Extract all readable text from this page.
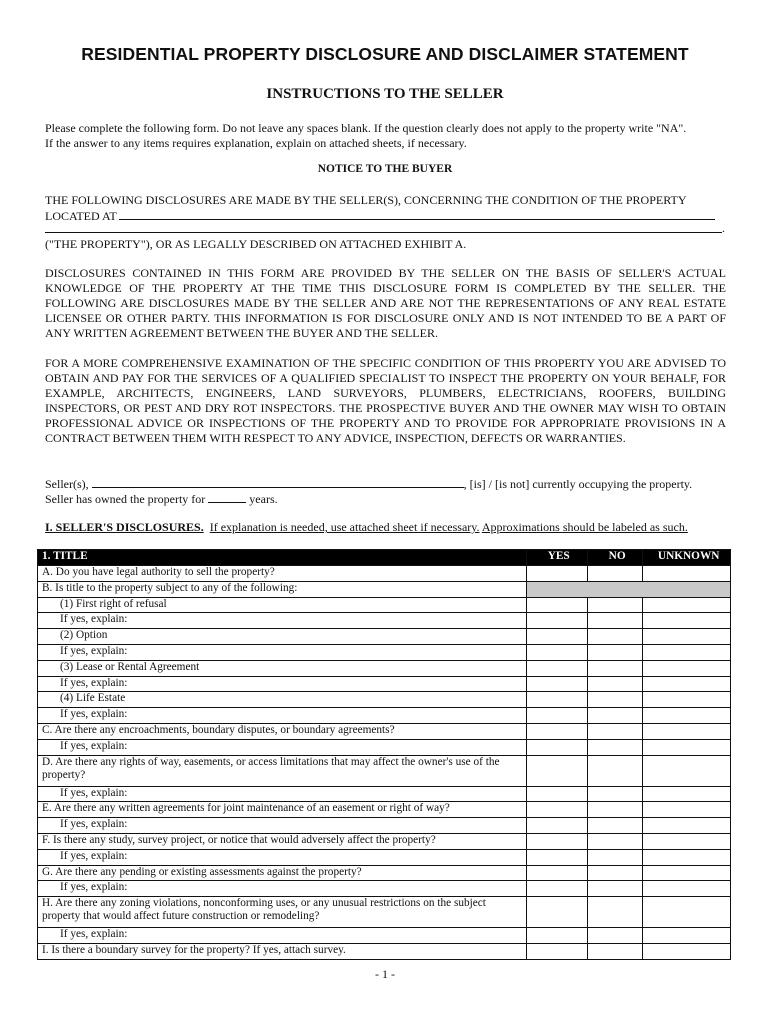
RESIDENTIAL PROPERTY DISCLOSURE AND DISCLAIMER STATEMENT
INSTRUCTIONS TO THE SELLER
Please complete the following form. Do not leave any spaces blank. If the question clearly does not apply to the property write "NA".
If the answer to any items requires explanation, explain on attached sheets, if necessary.
NOTICE TO THE BUYER
THE FOLLOWING DISCLOSURES ARE MADE BY THE SELLER(S), CONCERNING THE CONDITION OF THE PROPERTY
LOCATED AT
.
("THE PROPERTY"), OR AS LEGALLY DESCRIBED ON ATTACHED EXHIBIT A.
DISCLOSURES CONTAINED IN THIS FORM ARE PROVIDED BY THE SELLER ON THE BASIS OF SELLER'S ACTUAL KNOWLEDGE OF THE PROPERTY AT THE TIME THIS DISCLOSURE FORM IS COMPLETED BY THE SELLER. THE FOLLOWING ARE DISCLOSURES MADE BY THE SELLER AND ARE NOT THE REPRESENTATIONS OF ANY REAL ESTATE LICENSEE OR OTHER PARTY. THIS INFORMATION IS FOR DISCLOSURE ONLY AND IS NOT INTENDED TO BE A PART OF ANY WRITTEN AGREEMENT BETWEEN THE BUYER AND THE SELLER.
FOR A MORE COMPREHENSIVE EXAMINATION OF THE SPECIFIC CONDITION OF THIS PROPERTY YOU ARE ADVISED TO OBTAIN AND PAY FOR THE SERVICES OF A QUALIFIED SPECIALIST TO INSPECT THE PROPERTY ON YOUR BEHALF, FOR EXAMPLE, ARCHITECTS, ENGINEERS, LAND SURVEYORS, PLUMBERS, ELECTRICIANS, ROOFERS, BUILDING INSPECTORS, OR PEST AND DRY ROT INSPECTORS. THE PROSPECTIVE BUYER AND THE OWNER MAY WISH TO OBTAIN PROFESSIONAL ADVICE OR INSPECTIONS OF THE PROPERTY AND TO PROVIDE FOR APPROPRIATE PROVISIONS IN A CONTRACT BETWEEN THEM WITH RESPECT TO ANY ADVICE, INSPECTION, DEFECTS OR WARRANTIES.
Seller(s),	, [is] / [is not] currently occupying the property.
Seller has owned the property for	years.
I. SELLER'S DISCLOSURES. If explanation is needed, use attached sheet if necessary. Approximations should be labeled as such.
1. TITLE	YES	NO	UNKNOWN
A. Do you have legal authority to sell the property?			
B. Is title to the property subject to any of the following:			
(1) First right of refusal			
If yes, explain:			
(2) Option			
If yes, explain:			
(3) Lease or Rental Agreement			
If yes, explain:			
(4) Life Estate			
If yes, explain:			
C. Are there any encroachments, boundary disputes, or boundary agreements?			
If yes, explain:			
D. Are there any rights of way, easements, or access limitations that may affect the owner's use of the property?			
If yes, explain:			
E. Are there any written agreements for joint maintenance of an easement or right of way?			
If yes, explain:			
F. Is there any study, survey project, or notice that would adversely affect the property?			
If yes, explain:			
G. Are there any pending or existing assessments against the property?			
If yes, explain:			
H. Are there any zoning violations, nonconforming uses, or any unusual restrictions on the subject property that would affect future construction or remodeling?			
If yes, explain:			
I. Is there a boundary survey for the property? If yes, attach survey.			
- 1 -
